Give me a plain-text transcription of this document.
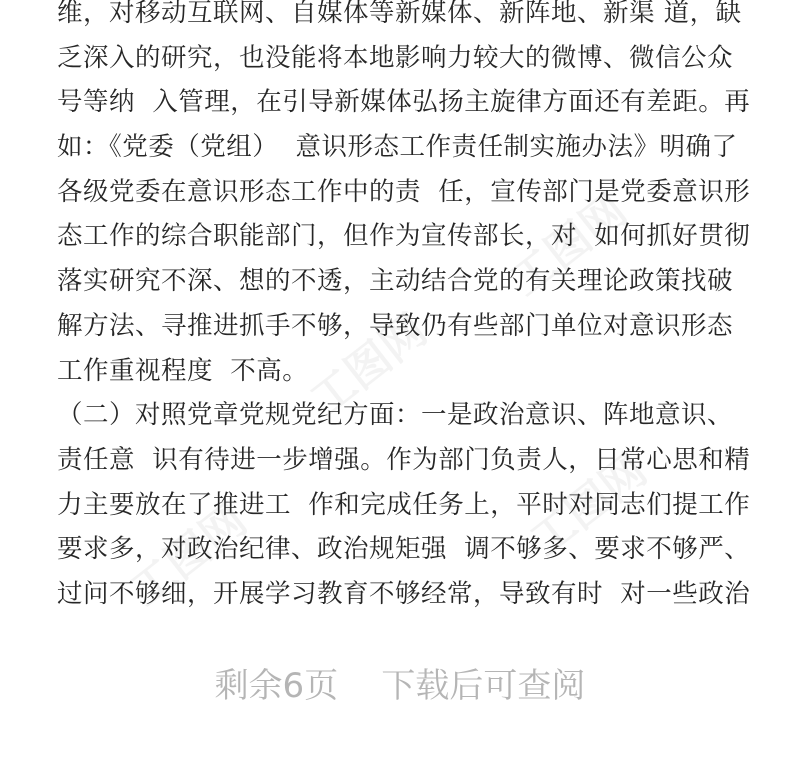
工图网
工图网
工图网
工图网
维，对移动互联网、自媒体等新媒体、新阵地、新渠 道，缺
乏深入的研究，也没能将本地影响力较大的微博、微信公众
号等纳  入管理，在引导新媒体弘扬主旋律方面还有差距。再
如：《党委（党组）  意识形态工作责任制实施办法》明确了
各级党委在意识形态工作中的责  任，宣传部门是党委意识形
态工作的综合职能部门，但作为宣传部长，对  如何抓好贯彻
落实研究不深、想的不透，主动结合党的有关理论政策找破
解方法、寻推进抓手不够，导致仍有些部门单位对意识形态
工作重视程度  不高。
（二）对照党章党规党纪方面：一是政治意识、阵地意识、
责任意  识有待进一步增强。作为部门负责人，日常心思和精
力主要放在了推进工  作和完成任务上，平时对同志们提工作
要求多，对政治纪律、政治规矩强  调不够多、要求不够严、
过问不够细，开展学习教育不够经常，导致有时  对一些政治
剩余6页    下载后可查阅
